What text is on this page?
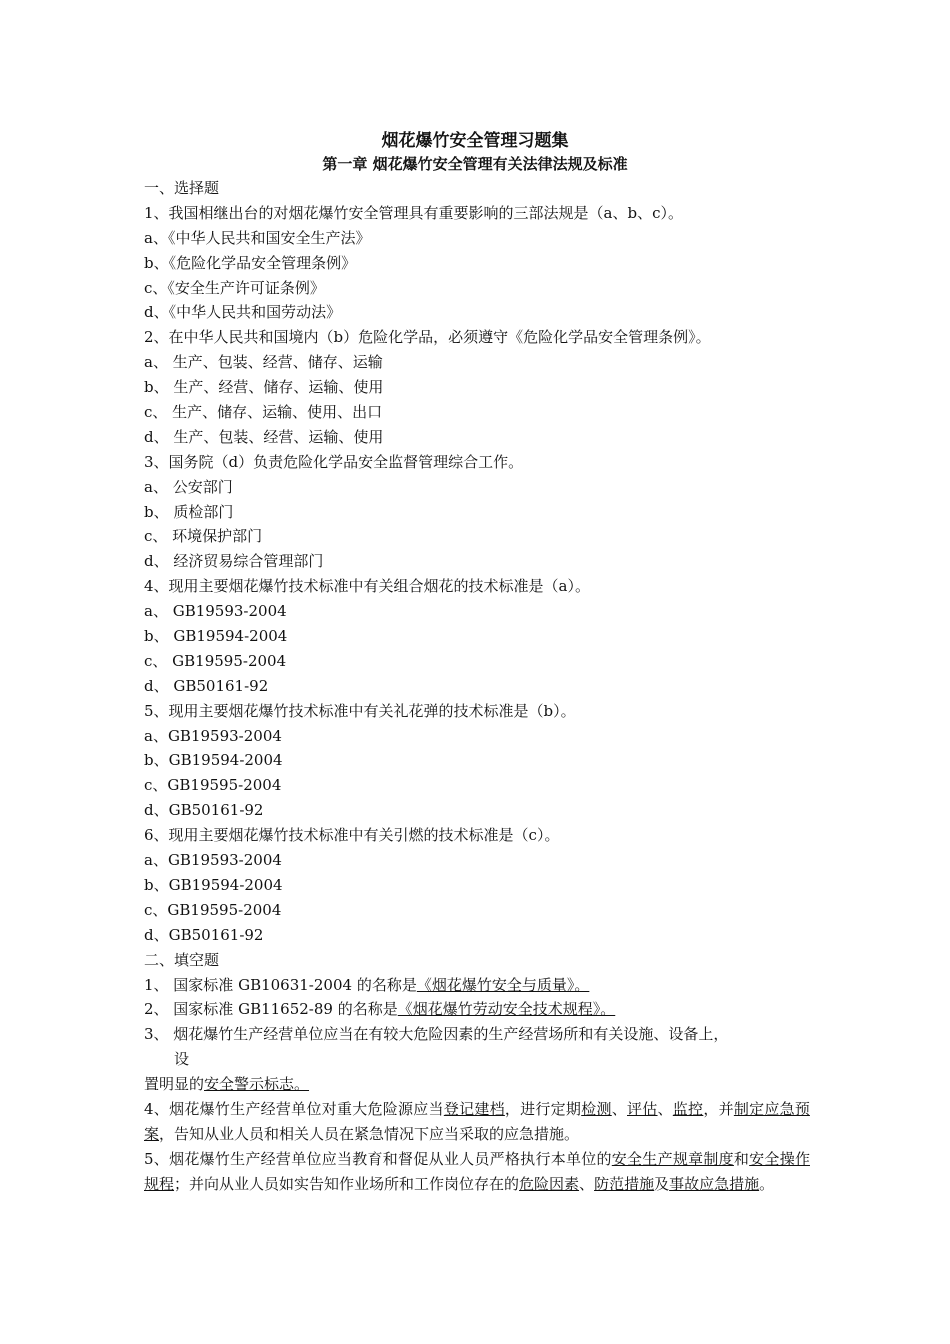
烟花爆竹安全管理习题集
第一章 烟花爆竹安全管理有关法律法规及标准
一、选择题
1、我国相继出台的对烟花爆竹安全管理具有重要影响的三部法规是（a、b、c）。
a、《中华人民共和国安全生产法》
b、《危险化学品安全管理条例》
c、《安全生产许可证条例》
d、《中华人民共和国劳动法》
2、在中华人民共和国境内（b）危险化学品，必须遵守《危险化学品安全管理条例》。
a、 生产、包装、经营、储存、运输
b、 生产、经营、储存、运输、使用
c、 生产、储存、运输、使用、出口
d、 生产、包装、经营、运输、使用
3、国务院（d）负责危险化学品安全监督管理综合工作。
a、 公安部门
b、 质检部门
c、 环境保护部门
d、 经济贸易综合管理部门
4、现用主要烟花爆竹技术标准中有关组合烟花的技术标准是（a）。
a、 GB19593-2004
b、 GB19594-2004
c、 GB19595-2004
d、 GB50161-92
5、现用主要烟花爆竹技术标准中有关礼花弹的技术标准是（b）。
a、GB19593-2004
b、GB19594-2004
c、GB19595-2004
d、GB50161-92
6、现用主要烟花爆竹技术标准中有关引燃的技术标准是（c）。
a、GB19593-2004
b、GB19594-2004
c、GB19595-2004
d、GB50161-92
二、填空题
1、 国家标准 GB10631-2004 的名称是《烟花爆竹安全与质量》。
2、 国家标准 GB11652-89 的名称是《烟花爆竹劳动安全技术规程》。
3、 烟花爆竹生产经营单位应当在有较大危险因素的生产经营场所和有关设施、设备上，
设
置明显的安全警示标志。
4、烟花爆竹生产经营单位对重大危险源应当登记建档，进行定期检测、评估、监控，并制定应急预案，告知从业人员和相关人员在紧急情况下应当采取的应急措施。
5、烟花爆竹生产经营单位应当教育和督促从业人员严格执行本单位的安全生产规章制度和安全操作规程；并向从业人员如实告知作业场所和工作岗位存在的危险因素、防范措施及事故应急措施。
